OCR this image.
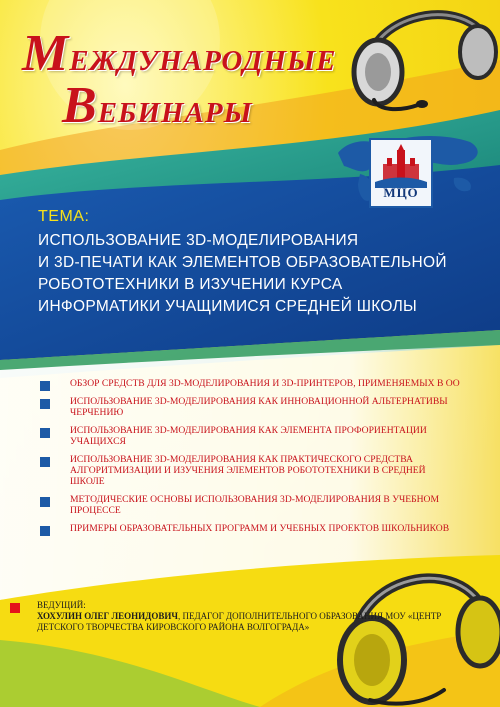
МЕЖДУНАРОДНЫЕ
ВЕБИНАРЫ
МЦО
ТЕМА:
ИСПОЛЬЗОВАНИЕ 3D-МОДЕЛИРОВАНИЯ
И 3D-ПЕЧАТИ КАК ЭЛЕМЕНТОВ ОБРАЗОВАТЕЛЬНОЙ
РОБОТОТЕХНИКИ В ИЗУЧЕНИИ КУРСА
ИНФОРМАТИКИ УЧАЩИМИСЯ СРЕДНЕЙ ШКОЛЫ
ОБЗОР СРЕДСТВ ДЛЯ 3D-МОДЕЛИРОВАНИЯ И 3D-ПРИНТЕРОВ, ПРИМЕНЯЕМЫХ В ОО
ИСПОЛЬЗОВАНИЕ 3D-МОДЕЛИРОВАНИЯ КАК ИННОВАЦИОННОЙ АЛЬТЕРНАТИВЫ ЧЕРЧЕНИЮ
ИСПОЛЬЗОВАНИЕ 3D-МОДЕЛИРОВАНИЯ КАК ЭЛЕМЕНТА ПРОФОРИЕНТАЦИИ УЧАЩИХСЯ
ИСПОЛЬЗОВАНИЕ 3D-МОДЕЛИРОВАНИЯ КАК ПРАКТИЧЕСКОГО СРЕДСТВА АЛГОРИТМИЗАЦИИ И ИЗУЧЕНИЯ ЭЛЕМЕНТОВ РОБОТОТЕХНИКИ В СРЕДНЕЙ ШКОЛЕ
МЕТОДИЧЕСКИЕ ОСНОВЫ ИСПОЛЬЗОВАНИЯ 3D-МОДЕЛИРОВАНИЯ В УЧЕБНОМ ПРОЦЕССЕ
ПРИМЕРЫ ОБРАЗОВАТЕЛЬНЫХ ПРОГРАММ И УЧЕБНЫХ ПРОЕКТОВ ШКОЛЬНИКОВ
ВЕДУЩИЙ:
ХОХУЛИН ОЛЕГ ЛЕОНИДОВИЧ, ПЕДАГОГ ДОПОЛНИТЕЛЬНОГО ОБРАЗОВАНИЯ МОУ «ЦЕНТР ДЕТСКОГО ТВОРЧЕСТВА КИРОВСКОГО РАЙОНА ВОЛГОГРАДА»
